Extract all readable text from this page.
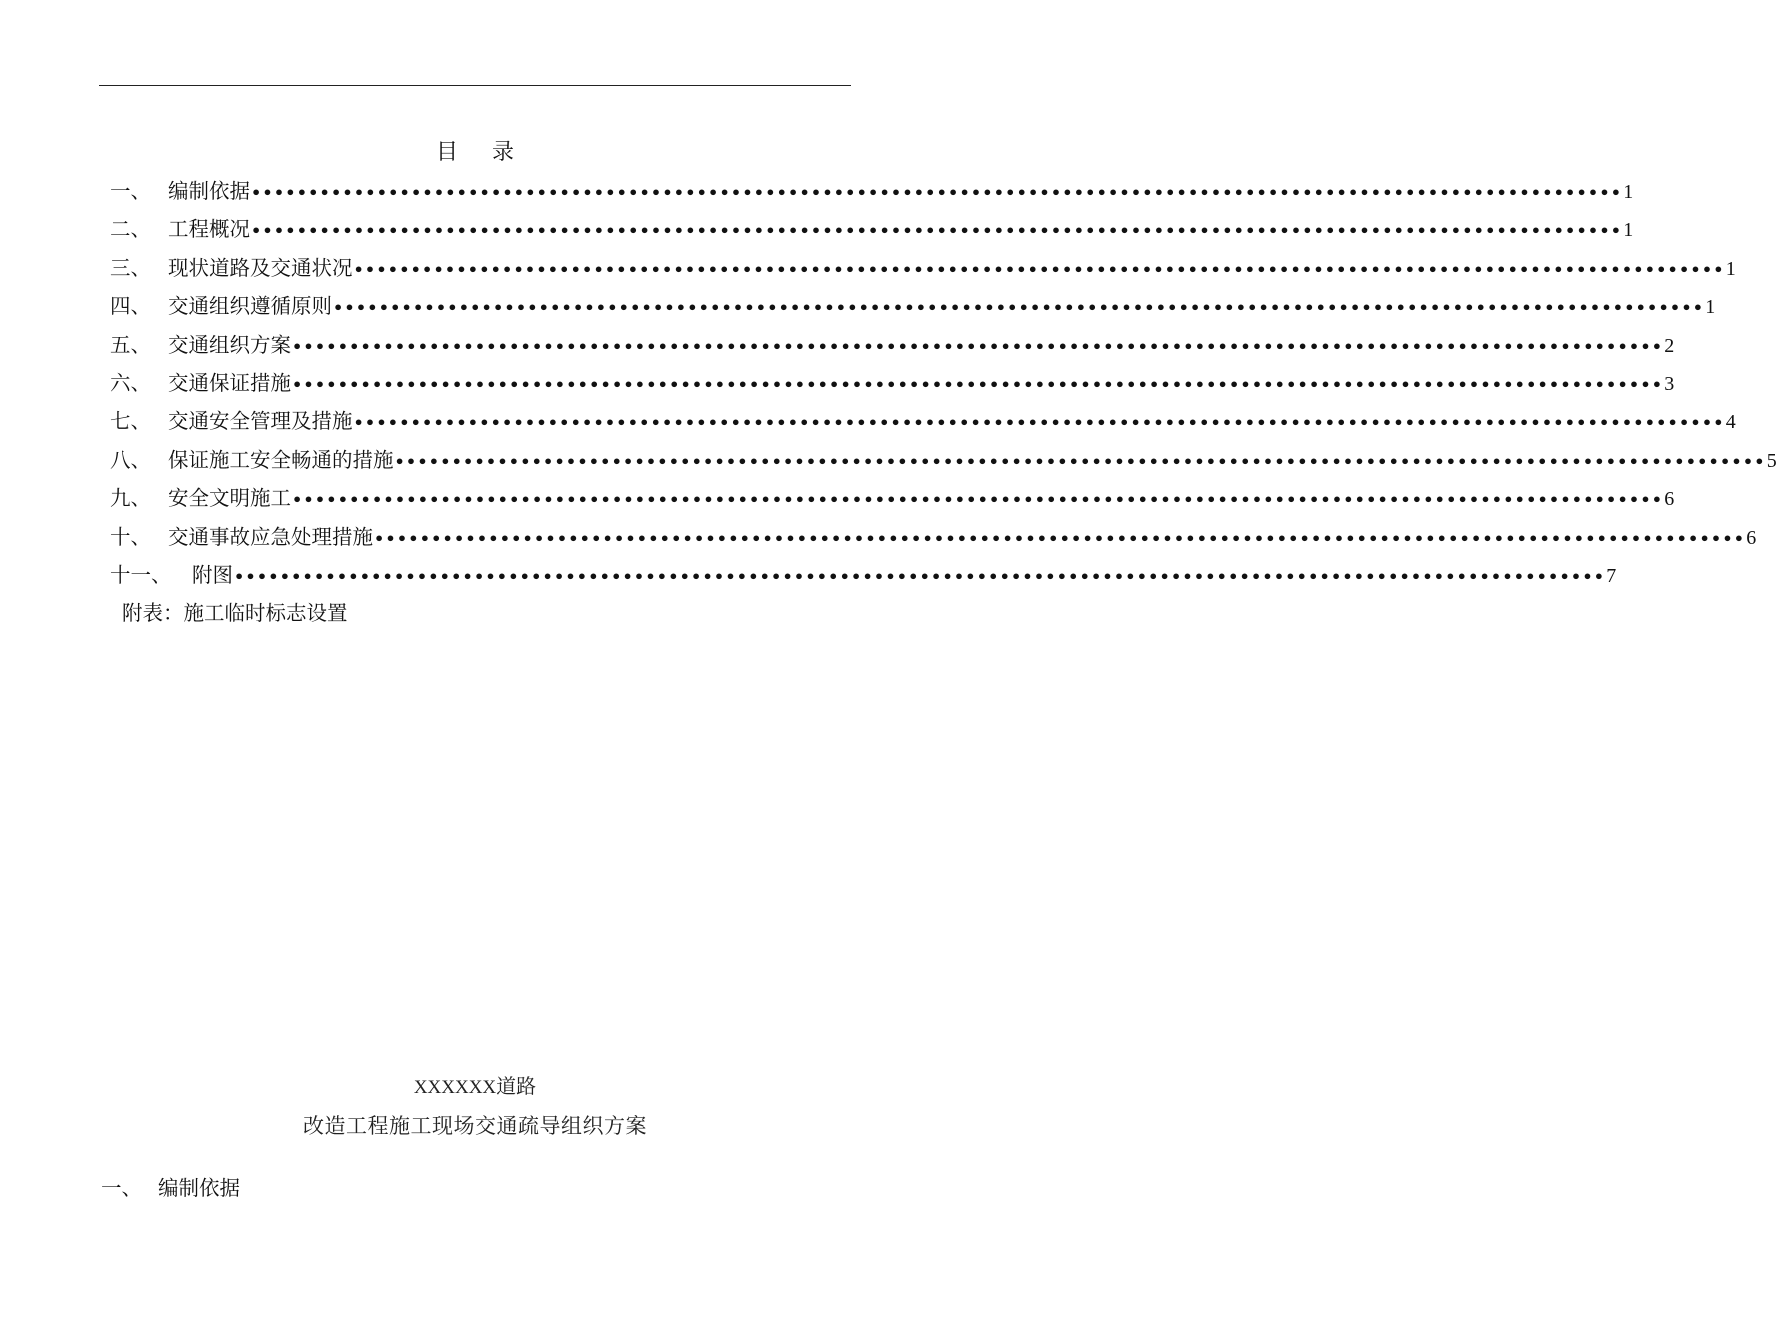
目录
一、 编制依据 •••••••••••••••••••••••••••••••••••••••••••••••••••••••••••••••••••••••••••••••••••••••••••••••••••••••••••••••••••••••• 1
二、 工程概况 •••••••••••••••••••••••••••••••••••••••••••••••••••••••••••••••••••••••••••••••••••••••••••••••••••••••••••••••••••••••• 1
三、 现状道路及交通状况 •••••••••••••••••••••••••••••••••••••••••••••••••••••••••••••••••••••••••••••••••••••••••••••••••••••••••••••••••••••••• 1
四、 交通组织遵循原则 •••••••••••••••••••••••••••••••••••••••••••••••••••••••••••••••••••••••••••••••••••••••••••••••••••••••••••••••••••••••• 1
五、 交通组织方案 •••••••••••••••••••••••••••••••••••••••••••••••••••••••••••••••••••••••••••••••••••••••••••••••••••••••••••••••••••••••• 2
六、 交通保证措施 •••••••••••••••••••••••••••••••••••••••••••••••••••••••••••••••••••••••••••••••••••••••••••••••••••••••••••••••••••••••• 3
七、 交通安全管理及措施 •••••••••••••••••••••••••••••••••••••••••••••••••••••••••••••••••••••••••••••••••••••••••••••••••••••••••••••••••••••••• 4
八、 保证施工安全畅通的措施 •••••••••••••••••••••••••••••••••••••••••••••••••••••••••••••••••••••••••••••••••••••••••••••••••••••••••••••••••••••••• 5
九、 安全文明施工 •••••••••••••••••••••••••••••••••••••••••••••••••••••••••••••••••••••••••••••••••••••••••••••••••••••••••••••••••••••••• 6
十、 交通事故应急处理措施 •••••••••••••••••••••••••••••••••••••••••••••••••••••••••••••••••••••••••••••••••••••••••••••••••••••••••••••••••••••••• 6
十一、	附图 •••••••••••••••••••••••••••••••••••••••••••••••••••••••••••••••••••••••••••••••••••••••••••••••••••••••••••••••••••••••• 7
附表：施工临时标志设置
XXXXXX道路
改造工程施工现场交通疏导组织方案
一、 编制依据
